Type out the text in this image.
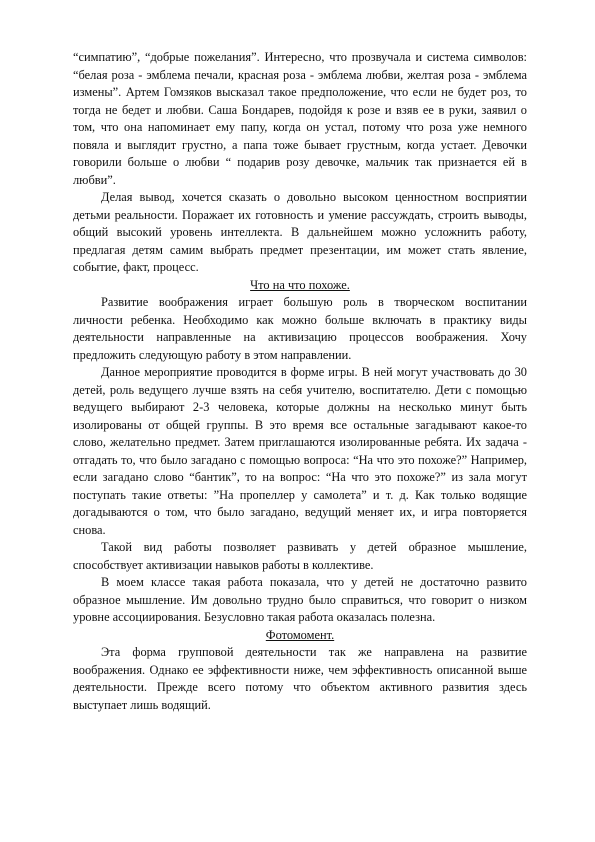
“симпатию”, “добрые пожелания”. Интересно, что прозвучала и система символов: “белая роза - эмблема печали, красная роза - эмблема любви, желтая роза - эмблема измены”. Артем Гомзяков высказал такое предположение, что если не будет роз, то тогда не бедет и любви. Саша Бондарев, подойдя к розе и взяв ее в руки, заявил о том, что она напоминает ему папу, когда он устал, потому что роза уже немного повяла и выглядит грустно, а папа тоже бывает грустным, когда устает. Девочки говорили больше о любви “ подарив розу девочке, мальчик так признается ей в любви”.

Делая вывод, хочется сказать о довольно высоком ценностном восприятии детьми реальности. Поражает их готовность и умение рассуждать, строить выводы, общий высокий уровень интеллекта. В дальнейшем можно усложнить работу, предлагая детям самим выбрать предмет презентации, им может стать явление, событие, факт, процесс.

Что на что похоже.

Развитие воображения играет большую роль в творческом воспитании личности ребенка. Необходимо как можно больше включать в практику виды деятельности направленные на активизацию процессов воображения. Хочу предложить следующую работу в этом направлении.

Данное мероприятие проводится в форме игры. В ней могут участвовать до 30 детей, роль ведущего лучше взять на себя учителю, воспитателю. Дети с помощью ведущего выбирают 2-3 человека, которые должны на несколько минут быть изолированы от общей группы. В это время все остальные загадывают какое-то слово, желательно предмет. Затем приглашаются изолированные ребята. Их задача - отгадать то, что было загадано с помощью вопроса: “На что это похоже?” Например, если загадано слово “бантик”, то на вопрос: “На что это похоже?” из зала могут поступать такие ответы: ”На пропеллер у самолета” и т. д. Как только водящие догадываются о том, что было загадано, ведущий меняет их, и игра повторяется снова.

Такой вид работы позволяет развивать у детей образное мышление, способствует активизации навыков работы в коллективе.

В моем классе такая работа показала, что у детей не достаточно развито образное мышление. Им довольно трудно было справиться, что говорит о низком уровне ассоциирования. Безусловно такая работа оказалась полезна.

Фотомомент.

Эта форма групповой деятельности так же направлена на развитие воображения. Однако ее эффективности ниже, чем эффективность описанной выше деятельности. Прежде всего потому что объектом активного развития здесь выступает лишь водящий.
